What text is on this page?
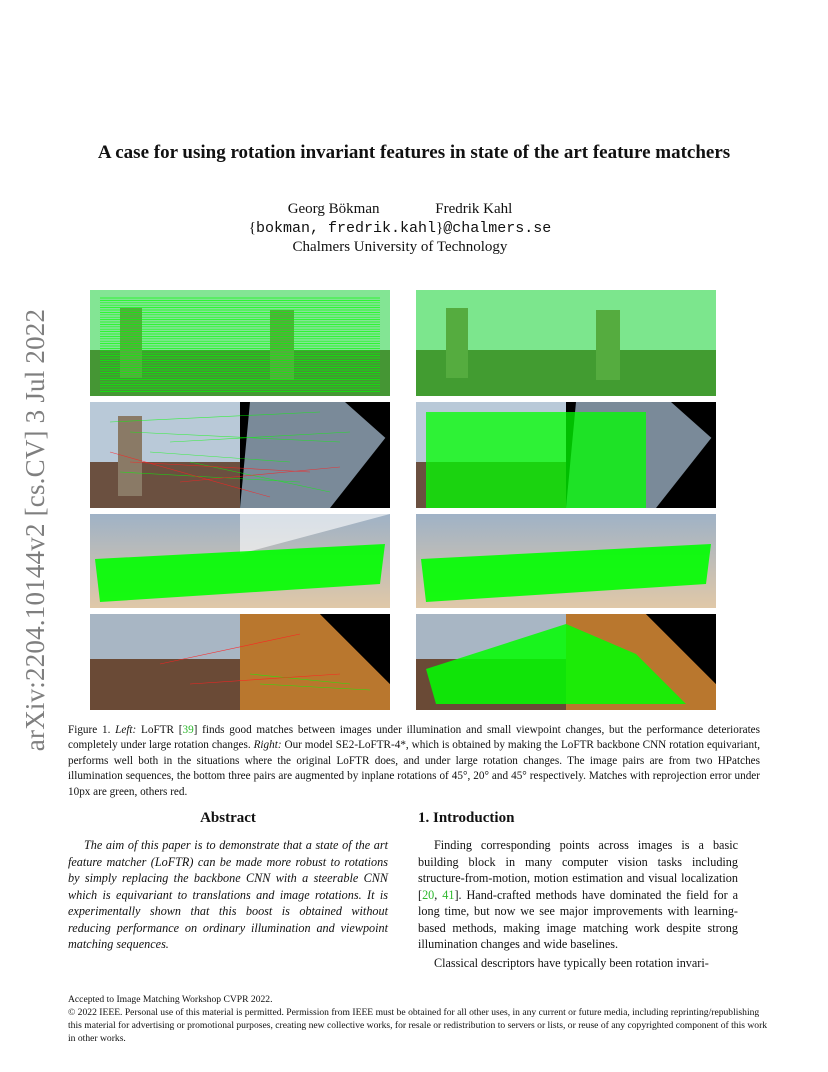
arXiv:2204.10144v2 [cs.CV] 3 Jul 2022
A case for using rotation invariant features in state of the art feature matchers
Georg Bökman	Fredrik Kahl
{bokman, fredrik.kahl}@chalmers.se
Chalmers University of Technology
Figure 1. Left: LoFTR [39] finds good matches between images under illumination and small viewpoint changes, but the performance deteriorates completely under large rotation changes. Right: Our model SE2-LoFTR-4*, which is obtained by making the LoFTR backbone CNN rotation equivariant, performs well both in the situations where the original LoFTR does, and under large rotation changes. The image pairs are from two HPatches illumination sequences, the bottom three pairs are augmented by inplane rotations of 45°, 20° and 45° respectively. Matches with reprojection error under 10px are green, others red.
Abstract

The aim of this paper is to demonstrate that a state of the art feature matcher (LoFTR) can be made more robust to rotations by simply replacing the backbone CNN with a steerable CNN which is equivariant to translations and image rotations. It is experimentally shown that this boost is obtained without reducing performance on ordinary illumination and viewpoint matching sequences.

1. Introduction

Finding corresponding points across images is a basic building block in many computer vision tasks including structure-from-motion, motion estimation and visual localization [20, 41]. Hand-crafted methods have dominated the field for a long time, but now we see major improvements with learning-based methods, making image matching work despite strong illumination changes and wide baselines.

Classical descriptors have typically been rotation invari-

Accepted to Image Matching Workshop CVPR 2022.
© 2022 IEEE. Personal use of this material is permitted. Permission from IEEE must be obtained for all other uses, in any current or future media, including reprinting/republishing this material for advertising or promotional purposes, creating new collective works, for resale or redistribution to servers or lists, or reuse of any copyrighted component of this work in other works.
